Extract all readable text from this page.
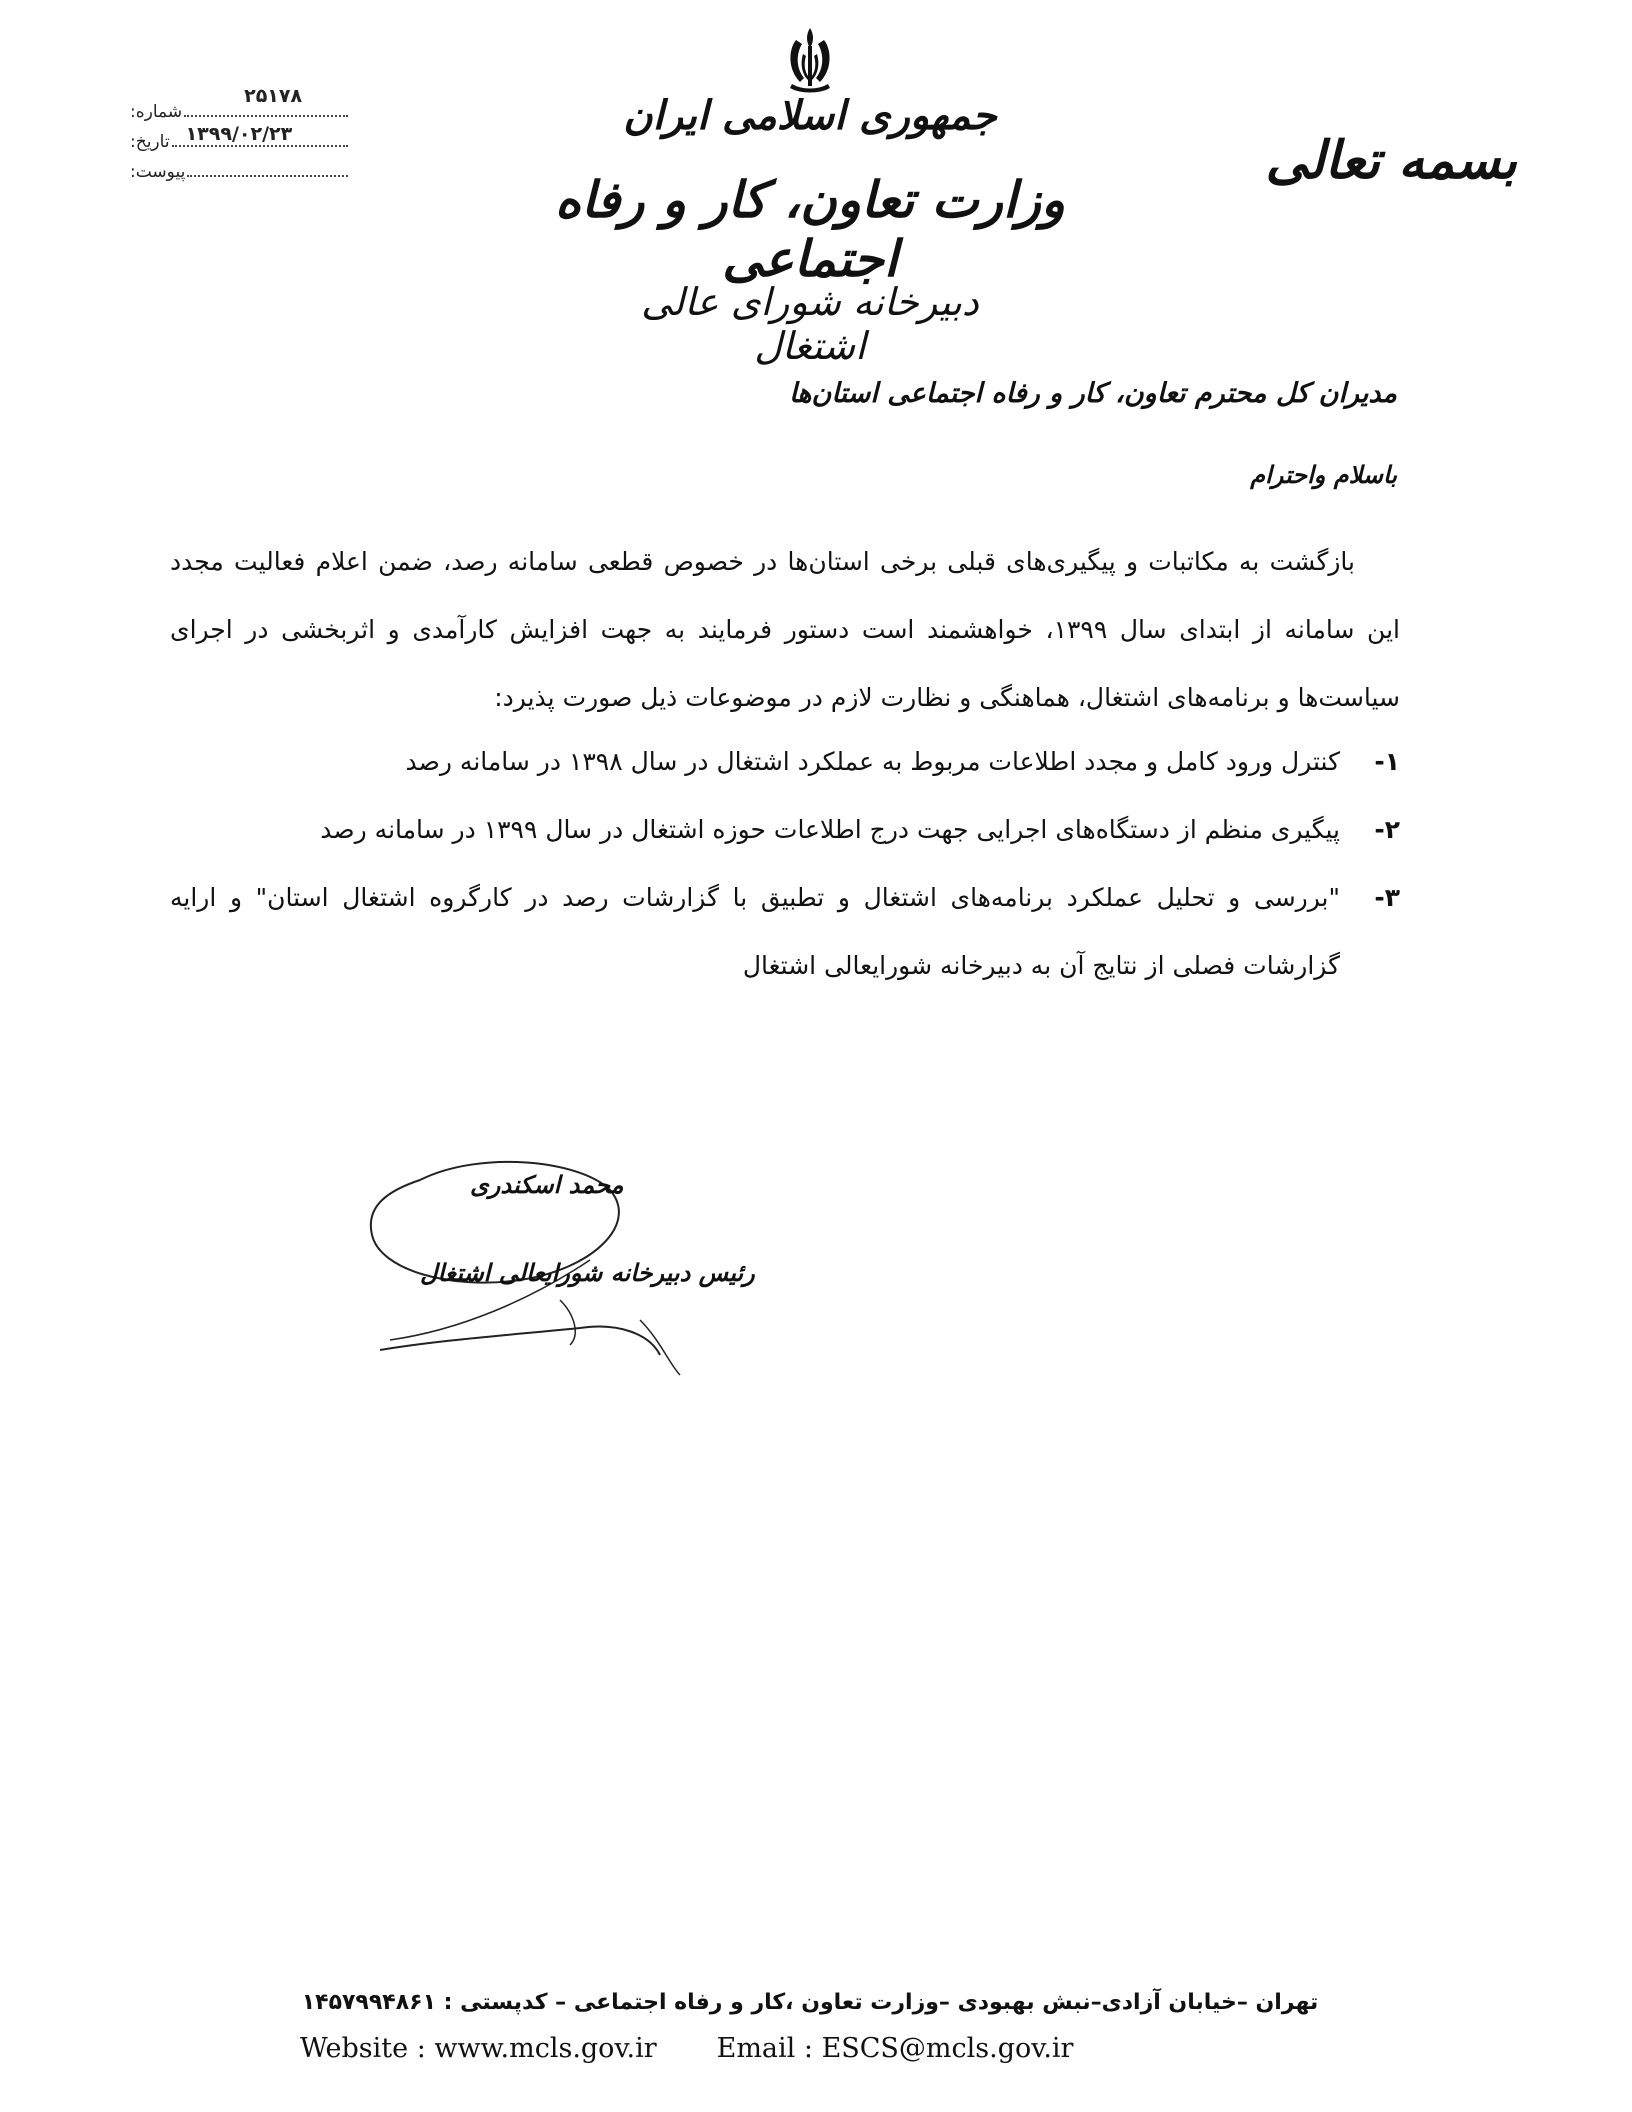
بسمه تعالی
جمهوری اسلامی ایران
وزارت تعاون، کار و رفاه اجتماعی
دبیرخانه شورای عالی اشتغال
شماره:
۲۵۱۷۸
تاریخ: ۱۳۹۹/۰۲/۲۳
پیوست:
مدیران کل محترم تعاون، کار و رفاه اجتماعی استان‌ها
باسلام واحترام

بازگشت به مکاتبات و پیگیری‌های قبلی برخی استان‌ها در خصوص قطعی سامانه رصد، ضمن اعلام فعالیت مجدد این سامانه از ابتدای سال ۱۳۹۹، خواهشمند است دستور فرمایند به جهت افزایش کارآمدی و اثربخشی در اجرای سیاست‌ها و برنامه‌های اشتغال، هماهنگی و نظارت لازم در موضوعات ذیل صورت پذیرد:

۱-
کنترل ورود کامل و مجدد اطلاعات مربوط به عملکرد اشتغال در سال ۱۳۹۸ در سامانه رصد
۲-
پیگیری منظم از دستگاه‌های اجرایی جهت درج اطلاعات حوزه اشتغال در سال ۱۳۹۹ در سامانه رصد
۳-
"بررسی و تحلیل عملکرد برنامه‌های اشتغال و تطبیق با گزارشات رصد در کارگروه اشتغال استان" و ارایه گزارشات فصلی از نتایج آن به دبیرخانه شورایعالی اشتغال
محمد اسکندری
رئیس دبیرخانه شورایعالی اشتغال
تهران –خیابان آزادی–نبش بهبودی –وزارت تعاون ،کار و رفاه اجتماعی – کدپستی : ۱۴۵۷۹۹۴۸۶۱
Website : www.mcls.gov.ir Email : ESCS@mcls.gov.ir
